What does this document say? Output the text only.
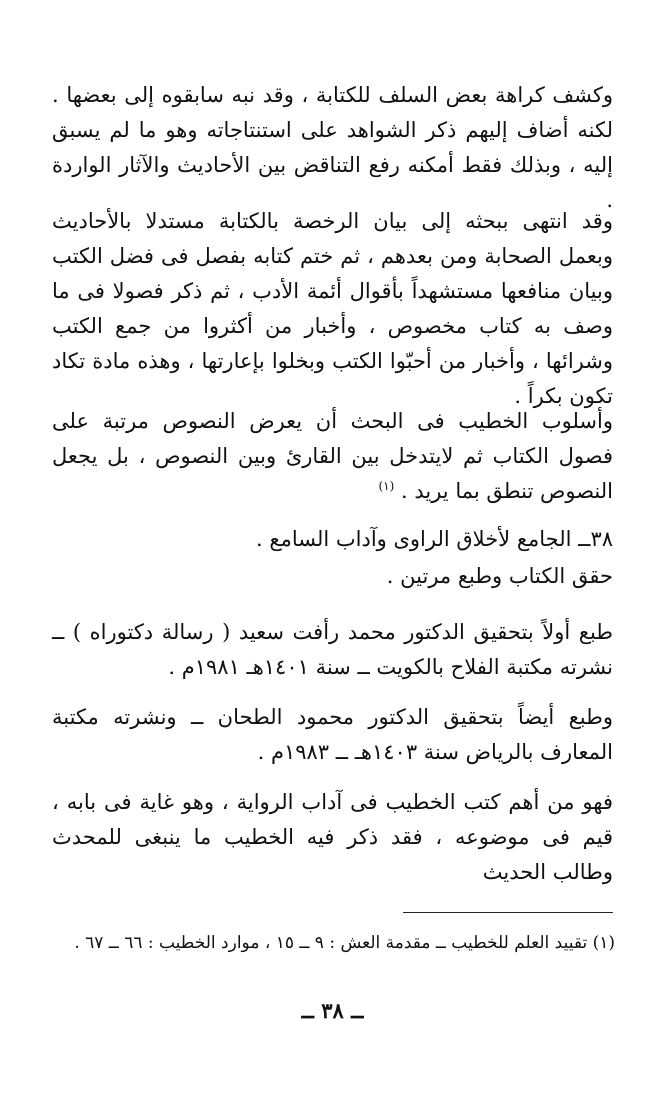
وكشف كراهة بعض السلف للكتابة ، وقد نبه سابقوه إلى بعضها . لكنه أضاف إليهم ذكر الشواهد على استنتاجاته وهو ما لم يسبق إليه ، وبذلك فقط أمكنه رفع التناقض بين الأحاديث والآثار الواردة .

وقد انتهى ببحثه إلى بيان الرخصة بالكتابة مستدلا بالأحاديث وبعمل الصحابة ومن بعدهم ، ثم ختم كتابه بفصل فى فضل الكتب وبيان منافعها مستشهداً بأقوال أئمة الأدب ، ثم ذكر فصولا فى ما وصف به كتاب مخصوص ، وأخبار من أكثروا من جمع الكتب وشرائها ، وأخبار من أحبّوا الكتب وبخلوا بإعارتها ، وهذه مادة تكاد تكون بكراً .

وأسلوب الخطيب فى البحث أن يعرض النصوص مرتبة على فصول الكتاب ثم لايتدخل بين القارئ وبين النصوص ، بل يجعل النصوص تنطق بما يريد . $^{(١)}$

٣٨ــ الجامع لأخلاق الراوى وآداب السامع .

حقق الكتاب وطبع مرتين .

طبع أولاً بتحقيق الدكتور محمد رأفت سعيد ( رسالة دكتوراه ) ــ نشرته مكتبة الفلاح بالكويت ــ سنة ١٤٠١هـ ١٩٨١م .

وطبع أيضاً بتحقيق الدكتور محمود الطحان ــ ونشرته مكتبة المعارف بالرياض سنة ١٤٠٣هـ ــ ١٩٨٣م .

فهو من أهم كتب الخطيب فى آداب الرواية ، وهو غاية فى بابه ، قيم فى موضوعه ، فقد ذكر فيه الخطيب ما ينبغى للمحدث وطالب الحديث

(١) تقييد العلم للخطيب ــ مقدمة العش : ٩ ــ ١٥ ، موارد الخطيب : ٦٦ ــ ٦٧ .

ــ ٣٨ ــ
